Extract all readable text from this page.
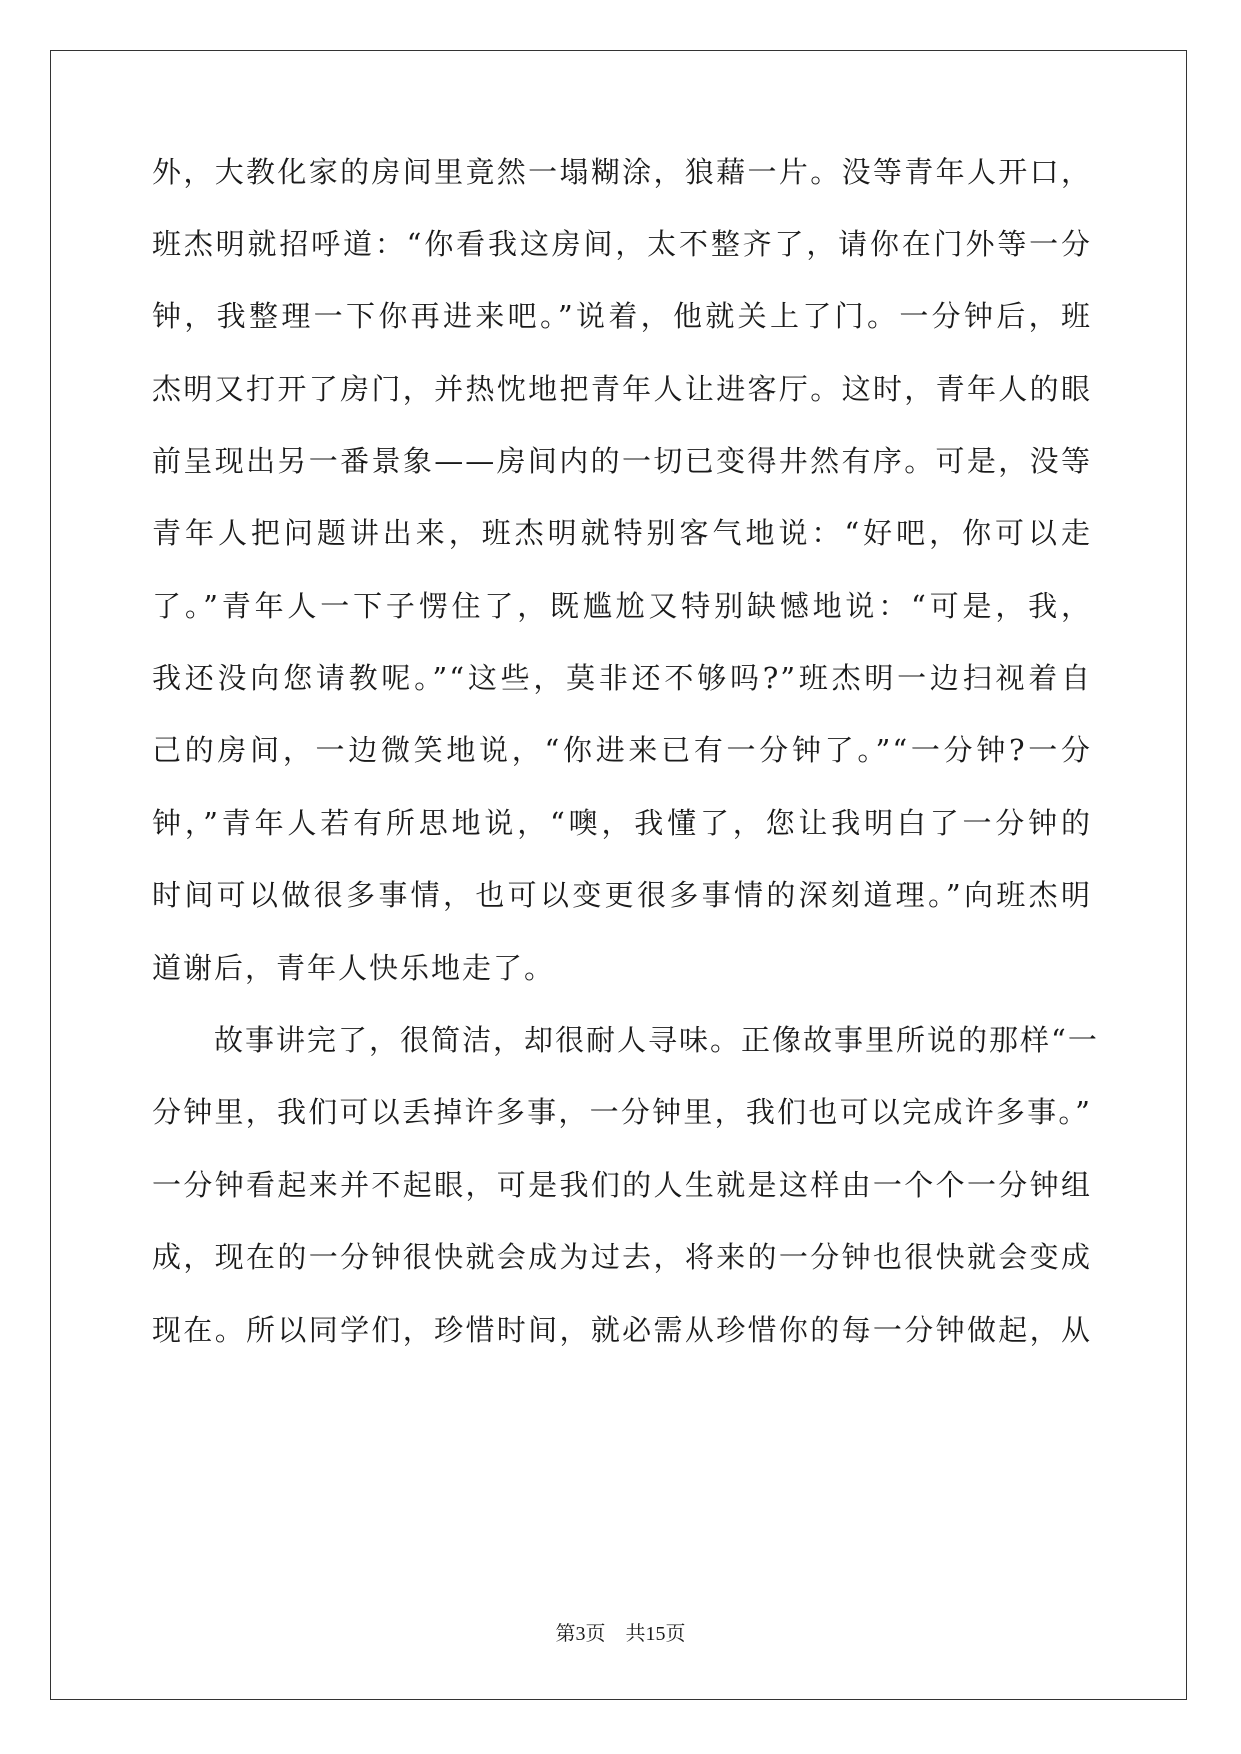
外，大教化家的房间里竟然一塌糊涂，狼藉一片。没等青年人开口，
班杰明就招呼道：“你看我这房间，太不整齐了，请你在门外等一分
钟，我整理一下你再进来吧。”说着，他就关上了门。一分钟后，班
杰明又打开了房门，并热忱地把青年人让进客厅。这时，青年人的眼
前呈现出另一番景象——房间内的一切已变得井然有序。可是，没等
青年人把问题讲出来，班杰明就特别客气地说：“好吧，你可以走
了。”青年人一下子愣住了，既尴尬又特别缺憾地说：“可是，我，
我还没向您请教呢。”“这些，莫非还不够吗?”班杰明一边扫视着自
己的房间，一边微笑地说，“你进来已有一分钟了。”“一分钟?一分
钟，”青年人若有所思地说，“噢，我懂了，您让我明白了一分钟的
时间可以做很多事情，也可以变更很多事情的深刻道理。”向班杰明
道谢后，青年人快乐地走了。
　　故事讲完了，很简洁，却很耐人寻味。正像故事里所说的那样“一
分钟里，我们可以丢掉许多事，一分钟里，我们也可以完成许多事。”
一分钟看起来并不起眼，可是我们的人生就是这样由一个个一分钟组
成，现在的一分钟很快就会成为过去，将来的一分钟也很快就会变成
现在。所以同学们，珍惜时间，就必需从珍惜你的每一分钟做起，从
第3页　共15页
